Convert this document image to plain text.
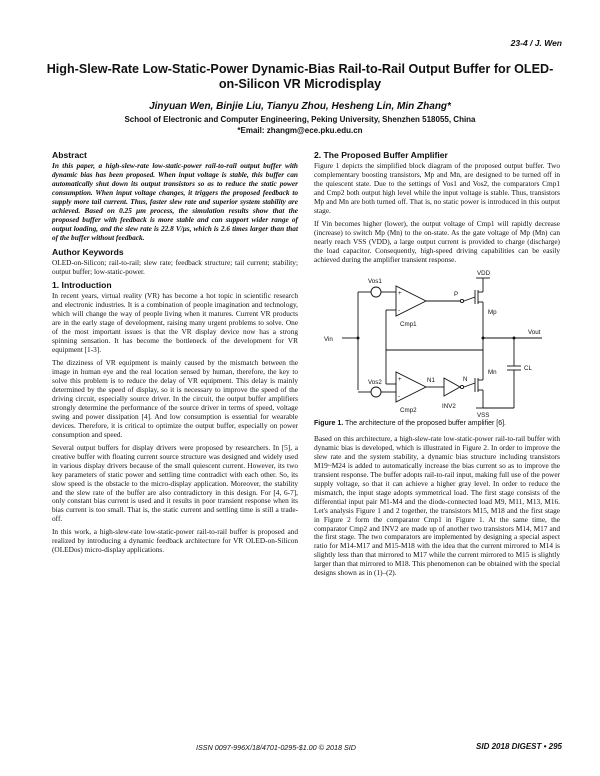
23-4 / J. Wen
High-Slew-Rate Low-Static-Power Dynamic-Bias Rail-to-Rail Output Buffer for OLED-on-Silicon VR Microdisplay
Jinyuan Wen, Binjie Liu, Tianyu Zhou, Hesheng Lin, Min Zhang*
School of Electronic and Computer Engineering, Peking University, Shenzhen 518055, China
*Email: zhangm@ece.pku.edu.cn
Abstract

In this paper, a high-slew-rate low-static-power rail-to-rail output buffer with dynamic bias has been proposed. When input voltage is stable, this buffer can automatically shut down its output transistors so as to reduce the static power consumption. When input voltage changes, it triggers the proposed feedback to supply more tail current. Thus, faster slew rate and superior system stability are achieved. Based on 0.25 μm process, the simulation results show that the proposed buffer with feedback is more stable and can support wider range of output loading, and the slew rate is 22.8 V/μs, which is 2.6 times larger than that of the buffer without feedback.

Author Keywords

OLED-on-Silicon; rail-to-rail; slew rate; feedback structure; tail current; stability; output buffer; low-static-power.

1. Introduction

In recent years, virtual reality (VR) has become a hot topic in scientific research and electronic industries. It is a combination of people imagination and technology, which will change the way of people living when it matures. Current VR products are in the early stage of development, raising many urgent problems to solve. One of the most important issues is that the VR display device now has a strong spinning sensation. It has become the bottleneck of the development for VR equipment [1-3].

The dizziness of VR equipment is mainly caused by the mismatch between the image in human eye and the real location sensed by human, therefore, the key to solve this problem is to reduce the delay of VR equipment. This delay is mainly determined by the speed of display, so it is necessary to improve the speed of the driving circuit, especially source driver. In the circuit, the output buffer amplifiers strongly determine the performance of the source driver in terms of speed, voltage swing and power dissipation [4]. And low consumption is essential for wearable devices. Therefore, it is critical to optimize the output buffer, especially on power consumption and speed.

Several output buffers for display drivers were proposed by researchers. In [5], a creative buffer with floating current source structure was designed and widely used in various display drivers because of the small quiescent current. However, its two key parameters of static power and settling time contradict with each other. So, its slow speed is the obstacle to the micro-display application. Moreover, the stability and the slew rate of the buffer are also contradictory in this design. For [4, 6-7], only constant bias current is used and it results in poor transient response when its bias current is too small. That is, the static current and settling time is still a trade-off.

In this work, a high-slew-rate low-static-power rail-to-rail buffer is proposed and realized by introducing a dynamic feedback architecture for VR OLED-on-Silicon (OLEDos) micro-display applications.

2. The Proposed Buffer Amplifier

Figure 1 depicts the simplified block diagram of the proposed output buffer. Two complementary boosting transistors, Mp and Mn, are designed to be turned off in the quiescent state. Due to the settings of Vos1 and Vos2, the comparators Cmp1 and Cmp2 both output high level while the input voltage is stable. Thus, transistors Mp and Mn are both turned off. That is, no static power is introduced in this output stage.

If Vin becomes higher (lower), the output voltage of Cmp1 will rapidly decrease (increase) to switch Mp (Mn) to the on-state. As the gate voltage of Mp (Mn) can nearly reach VSS (VDD), a large output current is provided to charge (discharge) the load capacitor. Consequently, high-speed driving capabilities can be easily achieved during the amplifier transient response.

VDD
VSS
Vin
Vout
Vos1
Vos2
Cmp1
Cmp2
P
N1	N
INV2
Mp
Mn
CL
+
-
+
-
Figure 1. The architecture of the proposed buffer amplifier [6].

Based on this architecture, a high-slew-rate low-static-power rail-to-rail buffer with dynamic bias is developed, which is illustrated in Figure 2. In order to improve the slew rate and the system stability, a dynamic bias structure including transistors M19~M24 is added to automatically increase the bias current so as to improve the transient response. The buffer adopts rail-to-rail input, making full use of the power supply voltage, so that it can achieve a higher gray level. In order to reduce the mismatch, the input stage adopts symmetrical load. The first stage consists of the differential input pair M1-M4 and the diode-connected load M9, M11, M13, M16. Let's analysis Figure 1 and 2 together, the transistors M15, M18 and the first stage in Figure 2 form the comparator Cmp1 in Figure 1. At the same time, the comparator Cmp2 and INV2 are made up of another two transistors M14, M17 and the first stage. The two comparators are implemented by designing a special aspect ratio for M14-M17 and M15-M18 with the idea that the current mirrored to M14 is slightly less than that mirrored to M17 while the current mirrored to M15 is slightly larger than that mirrored to M18. This phenomenon can be obtained with the special designs shown as in (1)–(2).

ISSN 0097-996X/18/4701-0295-$1.00 © 2018 SID	SID 2018 DIGEST • 295
